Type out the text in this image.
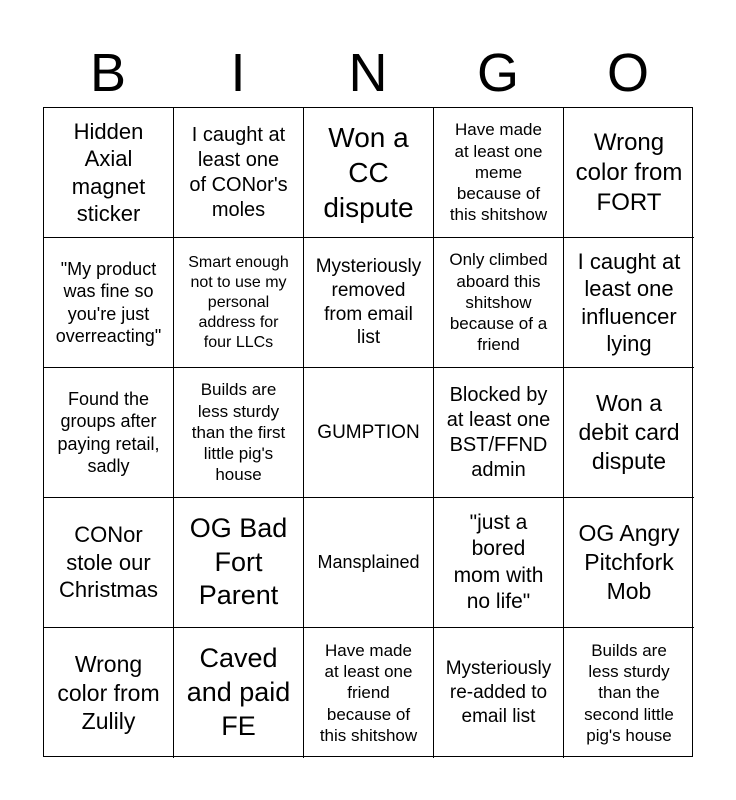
B	I	N	G	O
Hidden
Axial
magnet
sticker
I caught at
least one
of CONor's
moles
Won a
CC
dispute
Have made
at least one
meme
because of
this shitshow
Wrong
color from
FORT
"My product
was fine so
you're just
overreacting"
Smart enough
not to use my
personal
address for
four LLCs
Mysteriously
removed
from email
list
Only climbed
aboard this
shitshow
because of a
friend
I caught at
least one
influencer
lying
Found the
groups after
paying retail,
sadly
Builds are
less sturdy
than the first
little pig's
house
GUMPTION
Blocked by
at least one
BST/FFND
admin
Won a
debit card
dispute
CONor
stole our
Christmas
OG Bad
Fort
Parent
Mansplained
"just a
bored
mom with
no life"
OG Angry
Pitchfork
Mob
Wrong
color from
Zulily
Caved
and paid
FE
Have made
at least one
friend
because of
this shitshow
Mysteriously
re-added to
email list
Builds are
less sturdy
than the
second little
pig's house
